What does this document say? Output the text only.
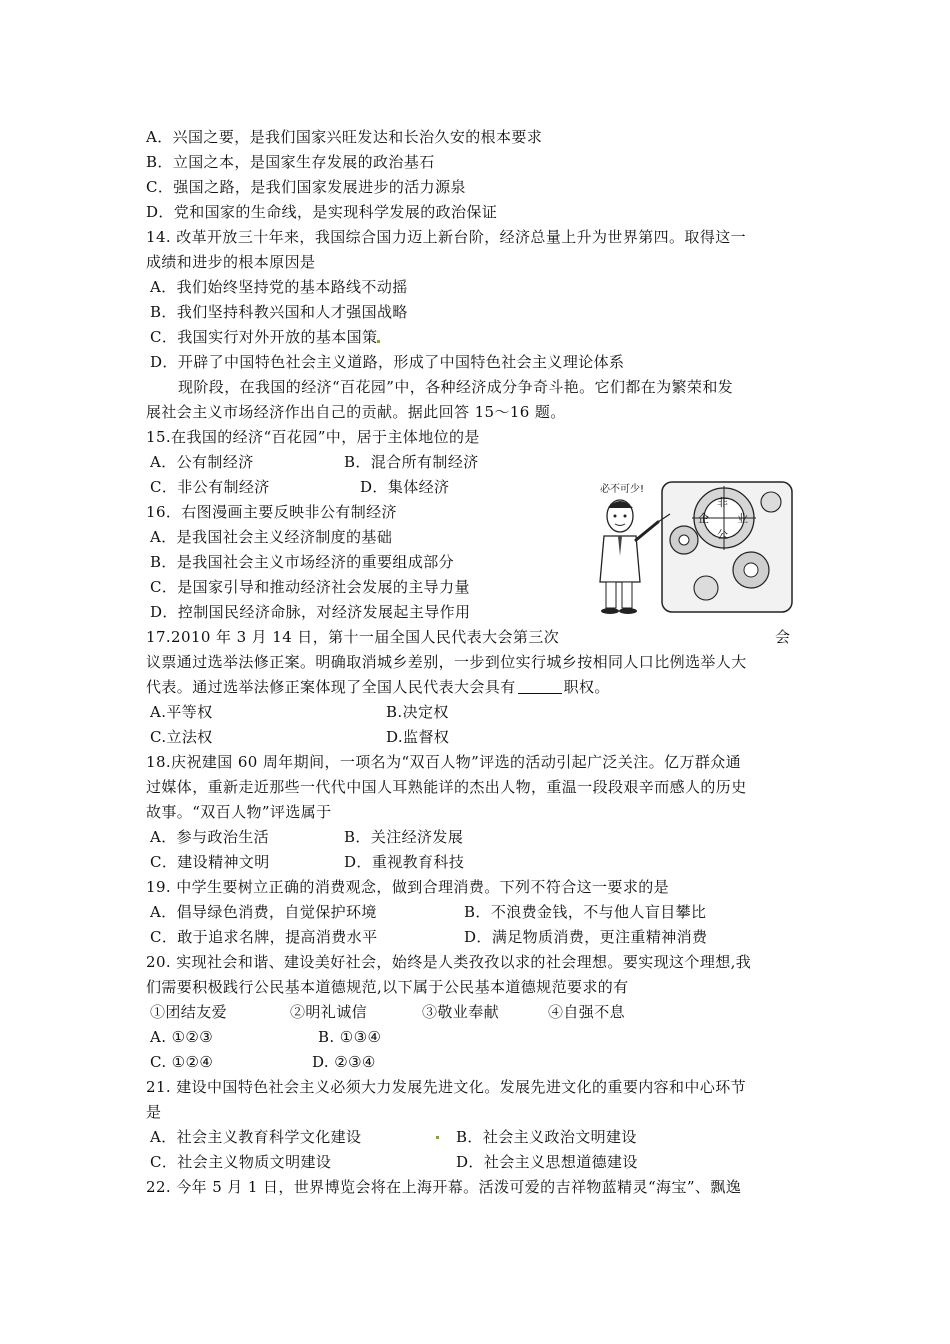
A．兴国之要，是我们国家兴旺发达和长治久安的根本要求
B．立国之本，是国家生存发展的政治基石
C．强国之路，是我们国家发展进步的活力源泉
D．党和国家的生命线，是实现科学发展的政治保证
14. 改革开放三十年来，我国综合国力迈上新台阶，经济总量上升为世界第四。取得这一
成绩和进步的根本原因是
A．我们始终坚持党的基本路线不动摇
B．我们坚持科教兴国和人才强国战略
C．我国实行对外开放的基本国策
D．开辟了中国特色社会主义道路，形成了中国特色社会主义理论体系
现阶段，在我国的经济“百花园”中，各种经济成分争奇斗艳。它们都在为繁荣和发
展社会主义市场经济作出自己的贡献。据此回答 15～16 题。
15.在我国的经济“百花园”中，居于主体地位的是
A．公有制经济	B．混合所有制经济
C．非公有制经济	D．集体经济
16．右图漫画主要反映非公有制经济
A．是我国社会主义经济制度的基础
B．是我国社会主义市场经济的重要组成部分
C．是国家引导和推动经济社会发展的主导力量
D．控制国民经济命脉，对经济发展起主导作用
非
公
企	业
必不可少!
17.2010 年 3 月 14 日，第十一届全国人民代表大会第三次	会
议票通过选举法修正案。明确取消城乡差别，一步到位实行城乡按相同人口比例选举人大
代表。通过选举法修正案体现了全国人民代表大会具有	职权。
A.平等权	B.决定权
C.立法权	D.监督权
18.庆祝建国 60 周年期间，一项名为“双百人物”评选的活动引起广泛关注。亿万群众通
过媒体，重新走近那些一代代中国人耳熟能详的杰出人物，重温一段段艰辛而感人的历史
故事。“双百人物”评选属于
A．参与政治生活	B．关注经济发展
C．建设精神文明	D．重视教育科技
19. 中学生要树立正确的消费观念，做到合理消费。下列不符合这一要求的是
A．倡导绿色消费，自觉保护环境	B．不浪费金钱，不与他人盲目攀比
C．敢于追求名牌，提高消费水平	D．满足物质消费，更注重精神消费
20. 实现社会和谐、建设美好社会，始终是人类孜孜以求的社会理想。要实现这个理想,我
们需要积极践行公民基本道德规范,以下属于公民基本道德规范要求的有
①团结友爱	②明礼诚信	③敬业奉献	④自强不息
A. ①②③	B. ①③④
C. ①②④	D. ②③④
21. 建设中国特色社会主义必须大力发展先进文化。发展先进文化的重要内容和中心环节
是
A．社会主义教育科学文化建设	B．社会主义政治文明建设
C．社会主义物质文明建设	D．社会主义思想道德建设
22. 今年 5 月 1 日，世界博览会将在上海开幕。活泼可爱的吉祥物蓝精灵“海宝”、飘逸
